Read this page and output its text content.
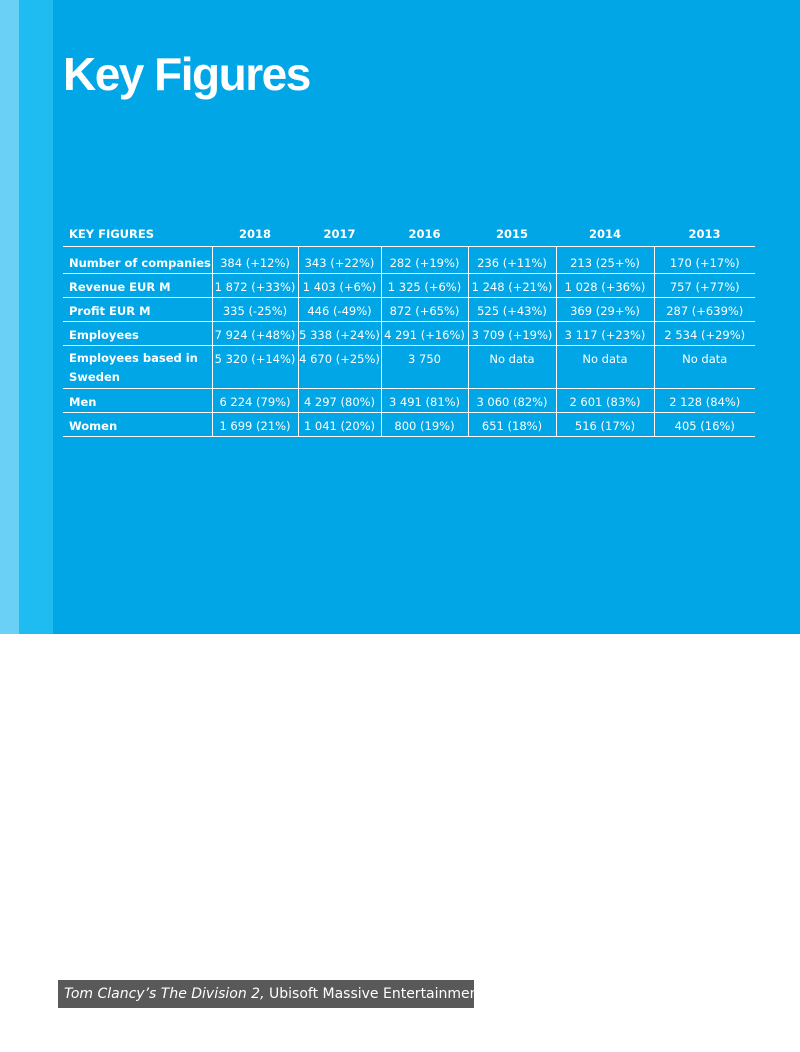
Key Figures
KEY FIGURES	2018	2017	2016	2015	2014	2013
Number of companies	384 (+12%)	343 (+22%)	282 (+19%)	236 (+11%)	213 (25+%)	170 (+17%)
Revenue EUR M	1 872 (+33%)	1 403 (+6%)	1 325 (+6%)	1 248 (+21%)	1 028 (+36%)	757 (+77%)
Profit EUR M	335 (-25%)	446 (-49%)	872 (+65%)	525 (+43%)	369 (29+%)	287 (+639%)
Employees	7 924 (+48%)	5 338 (+24%)	4 291 (+16%)	3 709 (+19%)	3 117 (+23%)	2 534 (+29%)
Employees based in Sweden	5 320 (+14%)	4 670 (+25%)	3 750	No data	No data	No data
Men	6 224 (79%)	4 297 (80%)	3 491 (81%)	3 060 (82%)	2 601 (83%)	2 128 (84%)
Women	1 699 (21%)	1 041 (20%)	800 (19%)	651 (18%)	516 (17%)	405 (16%)
Tom Clancy’s The Division 2, Ubisoft Massive Entertainment
